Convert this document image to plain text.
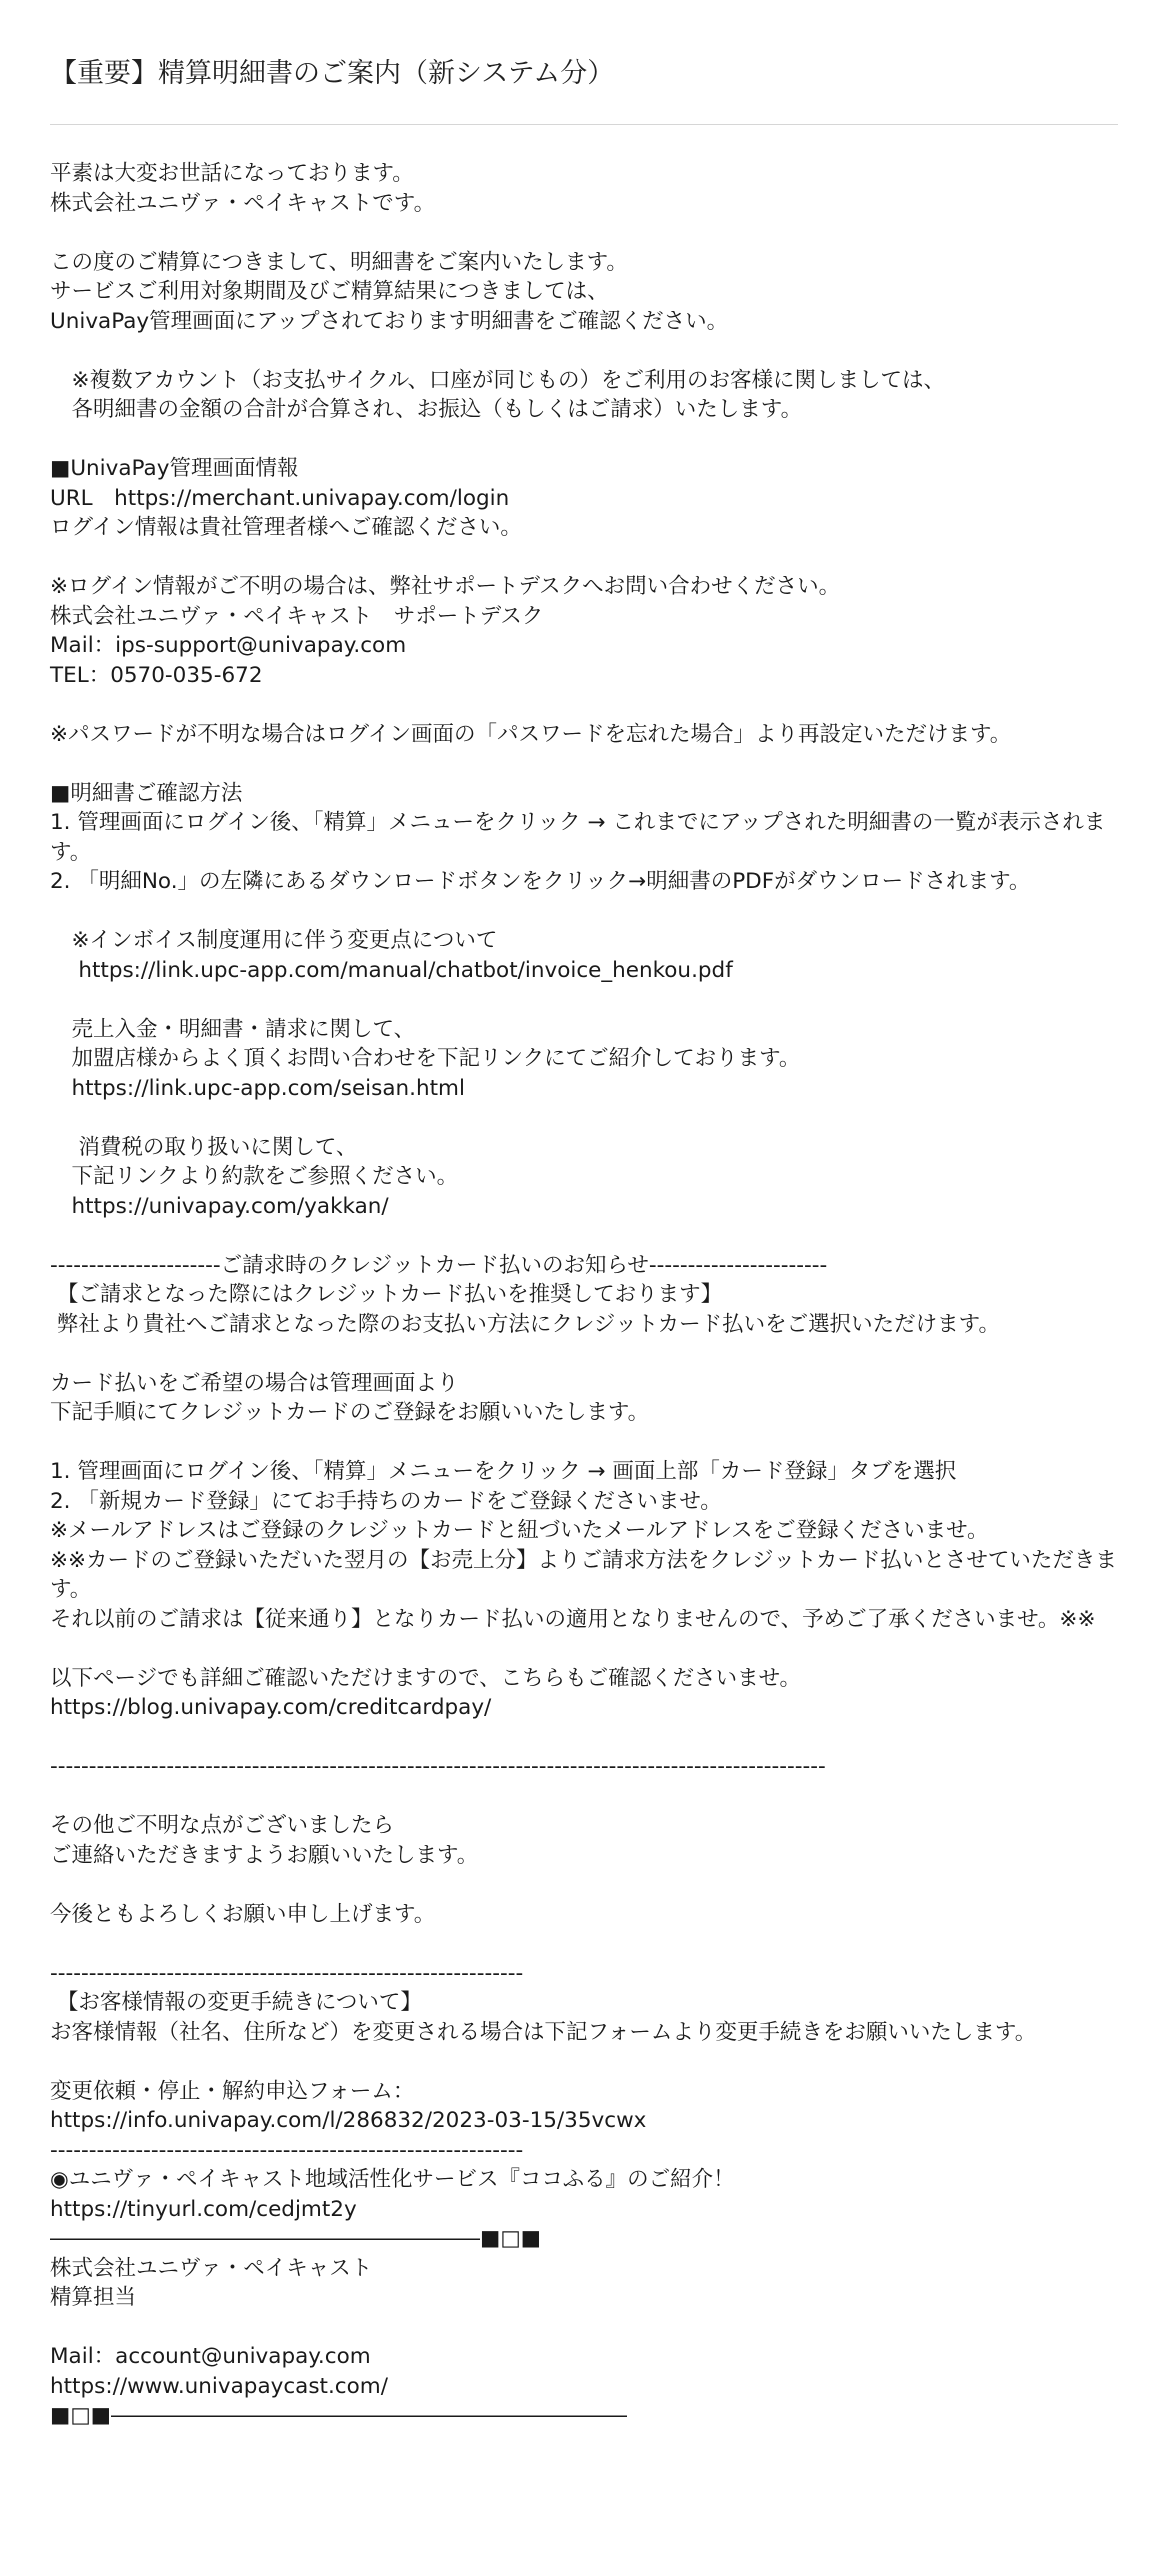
【重要】精算明細書のご案内（新システム分）
平素は大変お世話になっております。
株式会社ユニヴァ・ペイキャストです。

この度のご精算につきまして、明細書をご案内いたします。
サービスご利用対象期間及びご精算結果につきましては、
UnivaPay管理画面にアップされております明細書をご確認ください。

　※複数アカウント（お支払サイクル、口座が同じもの）をご利用のお客様に関しましては、
　各明細書の金額の合計が合算され、お振込（もしくはご請求）いたします。

■UnivaPay管理画面情報
URL　https://merchant.univapay.com/login
ログイン情報は貴社管理者様へご確認ください。

※ログイン情報がご不明の場合は、弊社サポートデスクへお問い合わせください。
株式会社ユニヴァ・ペイキャスト　サポートデスク
Mail：ips-support@univapay.com
TEL：0570-035-672

※パスワードが不明な場合はログイン画面の「パスワードを忘れた場合」より再設定いただけます。

■明細書ご確認方法
1. 管理画面にログイン後、「精算」メニューをクリック → これまでにアップされた明細書の一覧が表示されます。
2. 「明細No.」の左隣にあるダウンロードボタンをクリック→明細書のPDFがダウンロードされます。

　※インボイス制度運用に伴う変更点について
　 https://link.upc-app.com/manual/chatbot/invoice_henkou.pdf

　売上入金・明細書・請求に関して、
　加盟店様からよく頂くお問い合わせを下記リンクにてご紹介しております。
　https://link.upc-app.com/seisan.html

　 消費税の取り扱いに関して、
　下記リンクより約款をご参照ください。
　https://univapay.com/yakkan/

----------------------ご請求時のクレジットカード払いのお知らせ-----------------------
【ご請求となった際にはクレジットカード払いを推奨しております】
弊社より貴社へご請求となった際のお支払い方法にクレジットカード払いをご選択いただけます。

カード払いをご希望の場合は管理画面より
下記手順にてクレジットカードのご登録をお願いいたします。

1. 管理画面にログイン後、「精算」メニューをクリック → 画面上部「カード登録」タブを選択
2. 「新規カード登録」にてお手持ちのカードをご登録くださいませ。
※メールアドレスはご登録のクレジットカードと紐づいたメールアドレスをご登録くださいませ。
※※カードのご登録いただいた翌月の【お売上分】よりご請求方法をクレジットカード払いとさせていただきます。
それ以前のご請求は【従来通り】となりカード払いの適用となりませんので、予めご了承くださいませ。※※

以下ページでも詳細ご確認いただけますので、こちらもご確認くださいませ。
https://blog.univapay.com/creditcardpay/

----------------------------------------------------------------------------------------------------

その他ご不明な点がございましたら
ご連絡いただきますようお願いいたします。

今後ともよろしくお願い申し上げます。

-------------------------------------------------------------
【お客様情報の変更手続きについて】
お客様情報（社名、住所など）を変更される場合は下記フォームより変更手続きをお願いいたします。

変更依頼・停止・解約申込フォーム：
https://info.univapay.com/l/286832/2023-03-15/35vcwx
-------------------------------------------------------------
◉ユニヴァ・ペイキャスト地域活性化サービス『ココふる』のご紹介！
https://tinyurl.com/cedjmt2y
――――――――――――――――――――■□■
株式会社ユニヴァ・ペイキャスト
精算担当

Mail：account@univapay.com
https://www.univapaycast.com/
■□■――――――――――――――――――――――――
